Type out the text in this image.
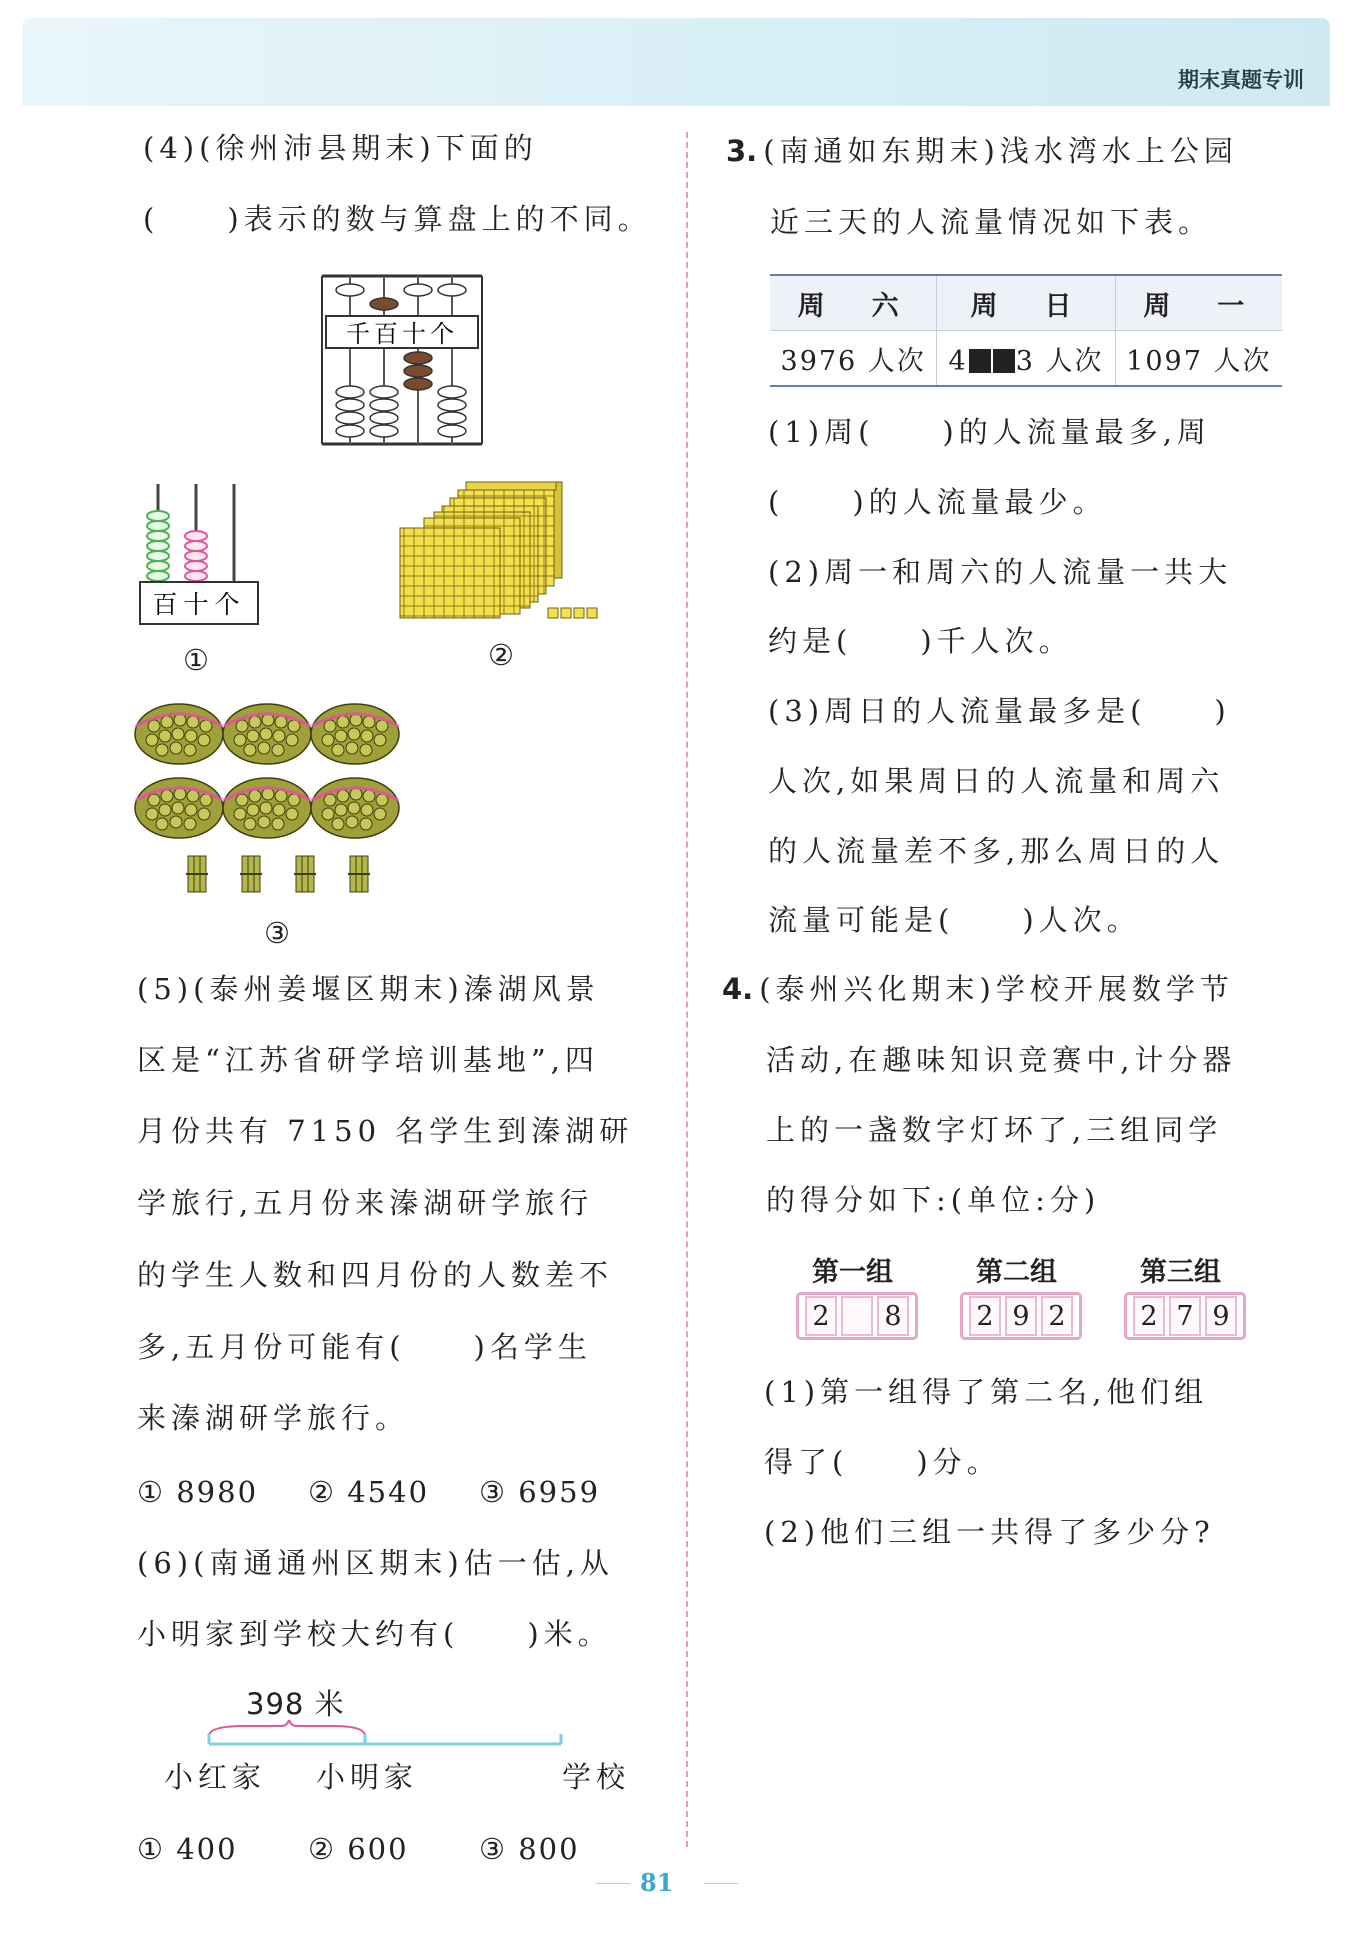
期末真题专训
(4)(徐州沛县期末)下面的
(　　)表示的数与算盘上的不同。
千百十个
百十个
①	②
③
(5)(泰州姜堰区期末)溱湖风景
区是“江苏省研学培训基地”,四
月份共有 7150 名学生到溱湖研
学旅行,五月份来溱湖研学旅行
的学生人数和四月份的人数差不
多,五月份可能有(　　)名学生
来溱湖研学旅行。
① 8980 ② 4540 ③ 6959
(6)(南通通州区期末)估一估,从
小明家到学校大约有(　　)米。
398 米
小红家 小明家	学校
① 400 ② 600 ③ 800
3. (南通如东期末)浅水湾水上公园
近三天的人流量情况如下表。
周　六	周　日	周　一
3976 人次	4 3 人次	1097 人次
(1)周(　　)的人流量最多,周
(　　)的人流量最少。
(2)周一和周六的人流量一共大
约是(　　)千人次。
(3)周日的人流量最多是(　　)
人次,如果周日的人流量和周六
的人流量差不多,那么周日的人
流量可能是(　　)人次。
4. (泰州兴化期末)学校开展数学节
活动,在趣味知识竞赛中,计分器
上的一盏数字灯坏了,三组同学
的得分如下:(单位:分)
第一组	第二组	第三组
2 8	2 9 2	2 7 9
(1)第一组得了第二名,他们组
得了(　　)分。
(2)他们三组一共得了多少分?
81
